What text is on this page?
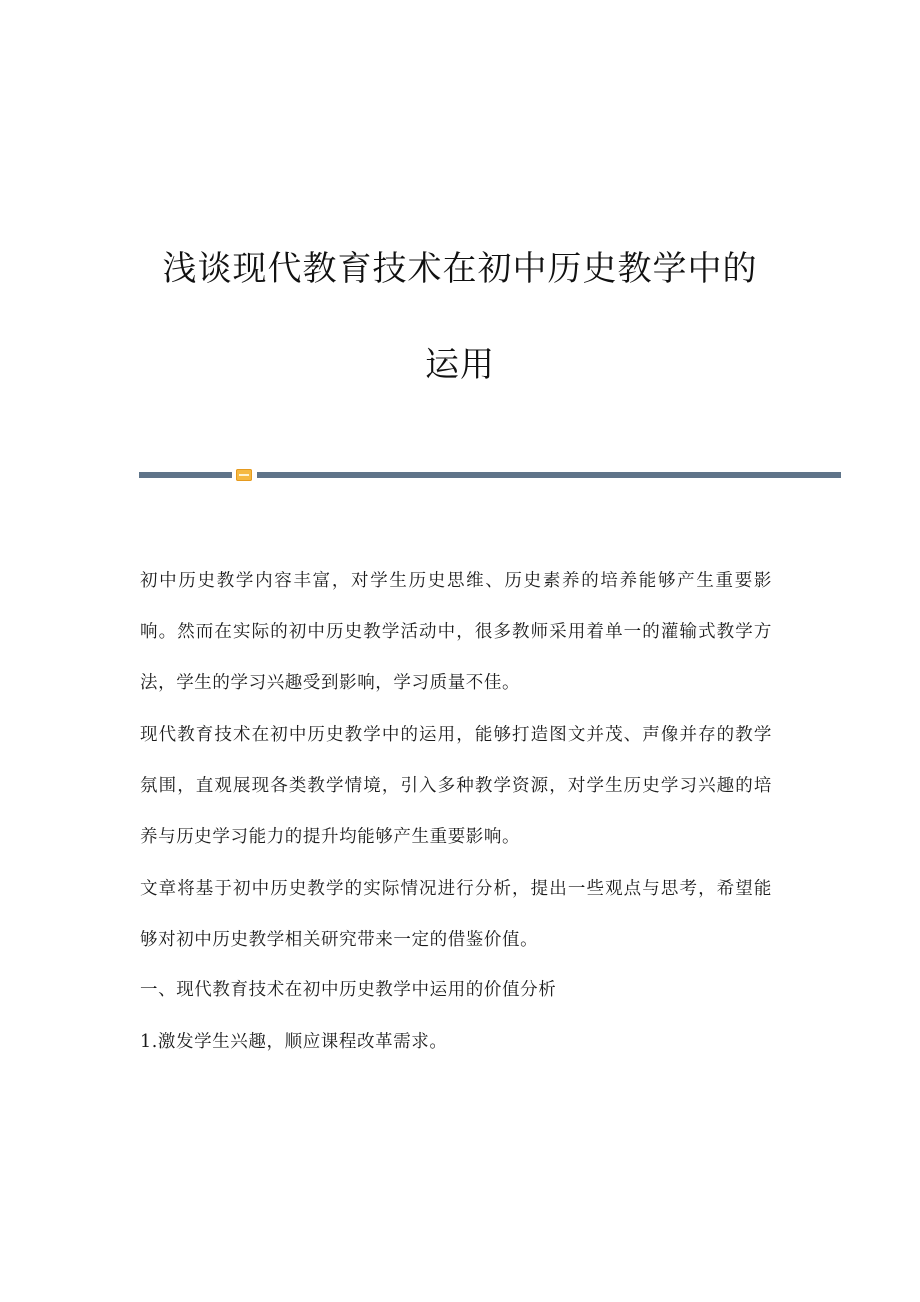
浅谈现代教育技术在初中历史教学中的
运用

初中历史教学内容丰富，对学生历史思维、历史素养的培养能够产生重要影响。然而在实际的初中历史教学活动中，很多教师采用着单一的灌输式教学方法，学生的学习兴趣受到影响，学习质量不佳。

现代教育技术在初中历史教学中的运用，能够打造图文并茂、声像并存的教学氛围，直观展现各类教学情境，引入多种教学资源，对学生历史学习兴趣的培养与历史学习能力的提升均能够产生重要影响。

文章将基于初中历史教学的实际情况进行分析，提出一些观点与思考，希望能够对初中历史教学相关研究带来一定的借鉴价值。

一、现代教育技术在初中历史教学中运用的价值分析

1.激发学生兴趣，顺应课程改革需求。
